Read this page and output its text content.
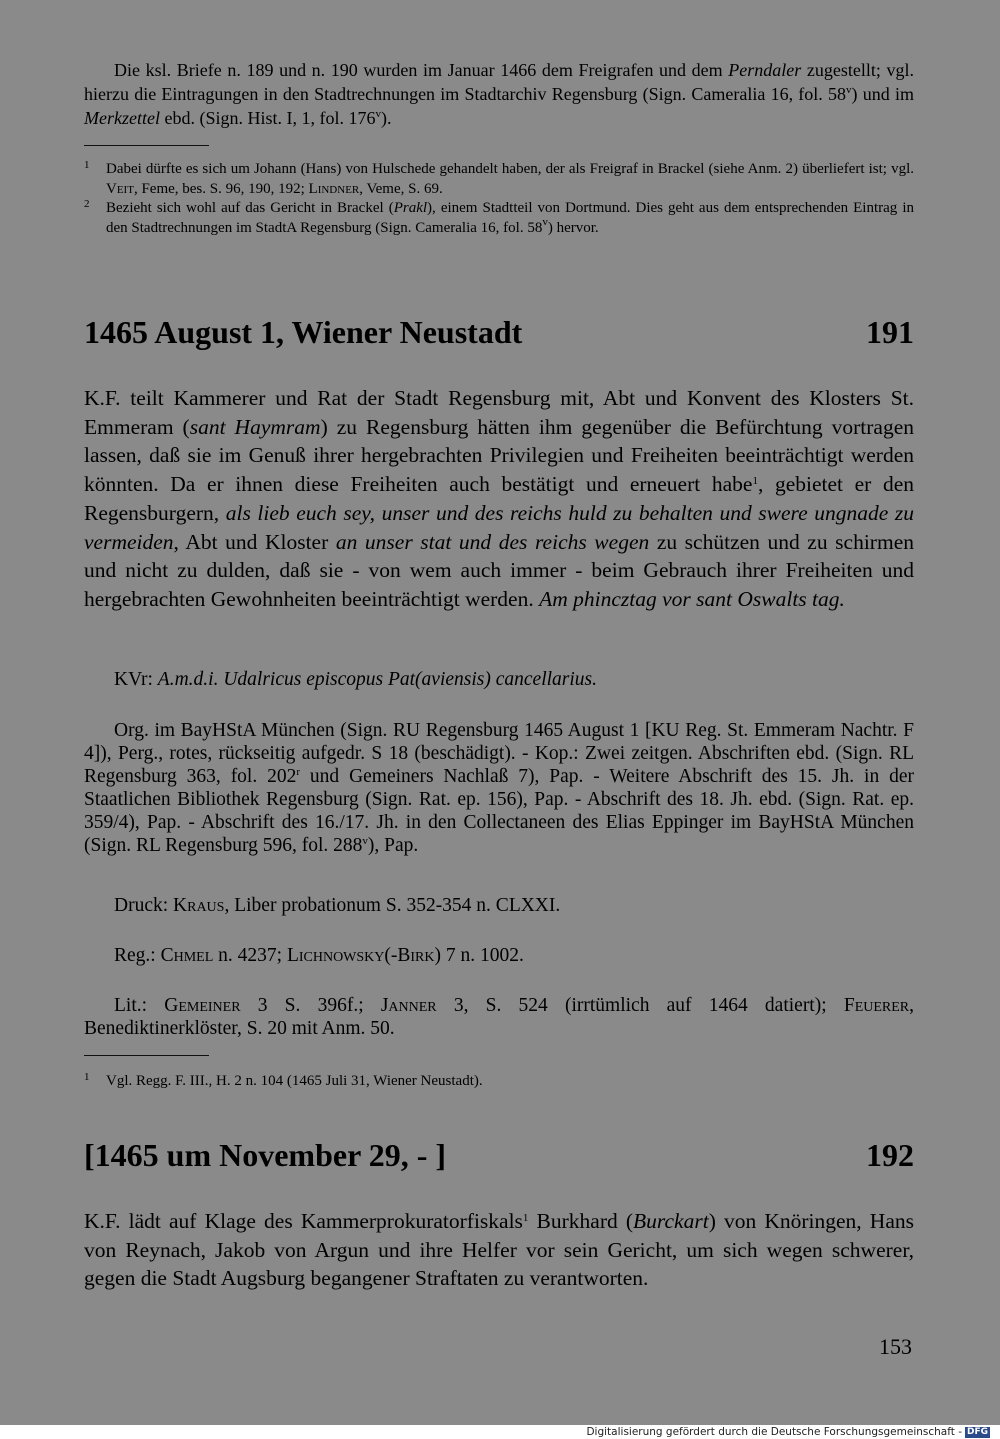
Die ksl. Briefe n. 189 und n. 190 wurden im Januar 1466 dem Freigrafen und dem Perndaler zugestellt; vgl. hierzu die Eintragungen in den Stadtrechnungen im Stadtarchiv Regensburg (Sign. Cameralia 16, fol. 58$^v$) und im Merkzettel ebd. (Sign. Hist. I, 1, fol. 176$^v$).

1 Dabei dürfte es sich um Johann (Hans) von Hulschede gehandelt haben, der als Freigraf in Brackel (siehe Anm. 2) überliefert ist; vgl. Veit, Feme, bes. S. 96, 190, 192; Lindner, Veme, S. 69.
2 Bezieht sich wohl auf das Gericht in Brackel (Prakl), einem Stadtteil von Dortmund. Dies geht aus dem entsprechenden Eintrag in den Stadtrechnungen im StadtA Regensburg (Sign. Cameralia 16, fol. 58$^v$) hervor.
1465 August 1, Wiener Neustadt	191

K.F. teilt Kammerer und Rat der Stadt Regensburg mit, Abt und Konvent des Klosters St. Emmeram (sant Haymram) zu Regensburg hätten ihm gegenüber die Befürchtung vortragen lassen, daß sie im Genuß ihrer hergebrachten Privilegien und Freiheiten beeinträchtigt werden könnten. Da er ihnen diese Freiheiten auch bestätigt und erneuert habe$^1$, gebietet er den Regensburgern, als lieb euch sey, unser und des reichs huld zu behalten und swere ungnade zu vermeiden, Abt und Kloster an unser stat und des reichs wegen zu schützen und zu schirmen und nicht zu dulden, daß sie - von wem auch immer - beim Gebrauch ihrer Freiheiten und hergebrachten Gewohnheiten beeinträchtigt werden. Am phincztag vor sant Oswalts tag.

KVr: A.m.d.i. Udalricus episcopus Pat(aviensis) cancellarius.

Org. im BayHStA München (Sign. RU Regensburg 1465 August 1 [KU Reg. St. Emmeram Nachtr. F 4]), Perg., rotes, rückseitig aufgedr. S 18 (beschädigt). - Kop.: Zwei zeitgen. Abschriften ebd. (Sign. RL Regensburg 363, fol. 202$^r$ und Gemeiners Nachlaß 7), Pap. - Weitere Abschrift des 15. Jh. in der Staatlichen Bibliothek Regensburg (Sign. Rat. ep. 156), Pap. - Abschrift des 18. Jh. ebd. (Sign. Rat. ep. 359/4), Pap. - Abschrift des 16./17. Jh. in den Collectaneen des Elias Eppinger im BayHStA München (Sign. RL Regensburg 596, fol. 288$^v$), Pap.

Druck: Kraus, Liber probationum S. 352-354 n. CLXXI.

Reg.: Chmel n. 4237; Lichnowsky(-Birk) 7 n. 1002.

Lit.: Gemeiner 3 S. 396f.; Janner 3, S. 524 (irrtümlich auf 1464 datiert); Feuerer, Benediktinerklöster, S. 20 mit Anm. 50.

1 Vgl. Regg. F. III., H. 2 n. 104 (1465 Juli 31, Wiener Neustadt).
[1465 um November 29, - ]	192

K.F. lädt auf Klage des Kammerprokuratorfiskals$^1$ Burkhard (Burckart) von Knöringen, Hans von Reynach, Jakob von Argun und ihre Helfer vor sein Gericht, um sich wegen schwerer, gegen die Stadt Augsburg begangener Straftaten zu verantworten.

153
Digitalisierung gefördert durch die Deutsche Forschungsgemeinschaft - DFG
